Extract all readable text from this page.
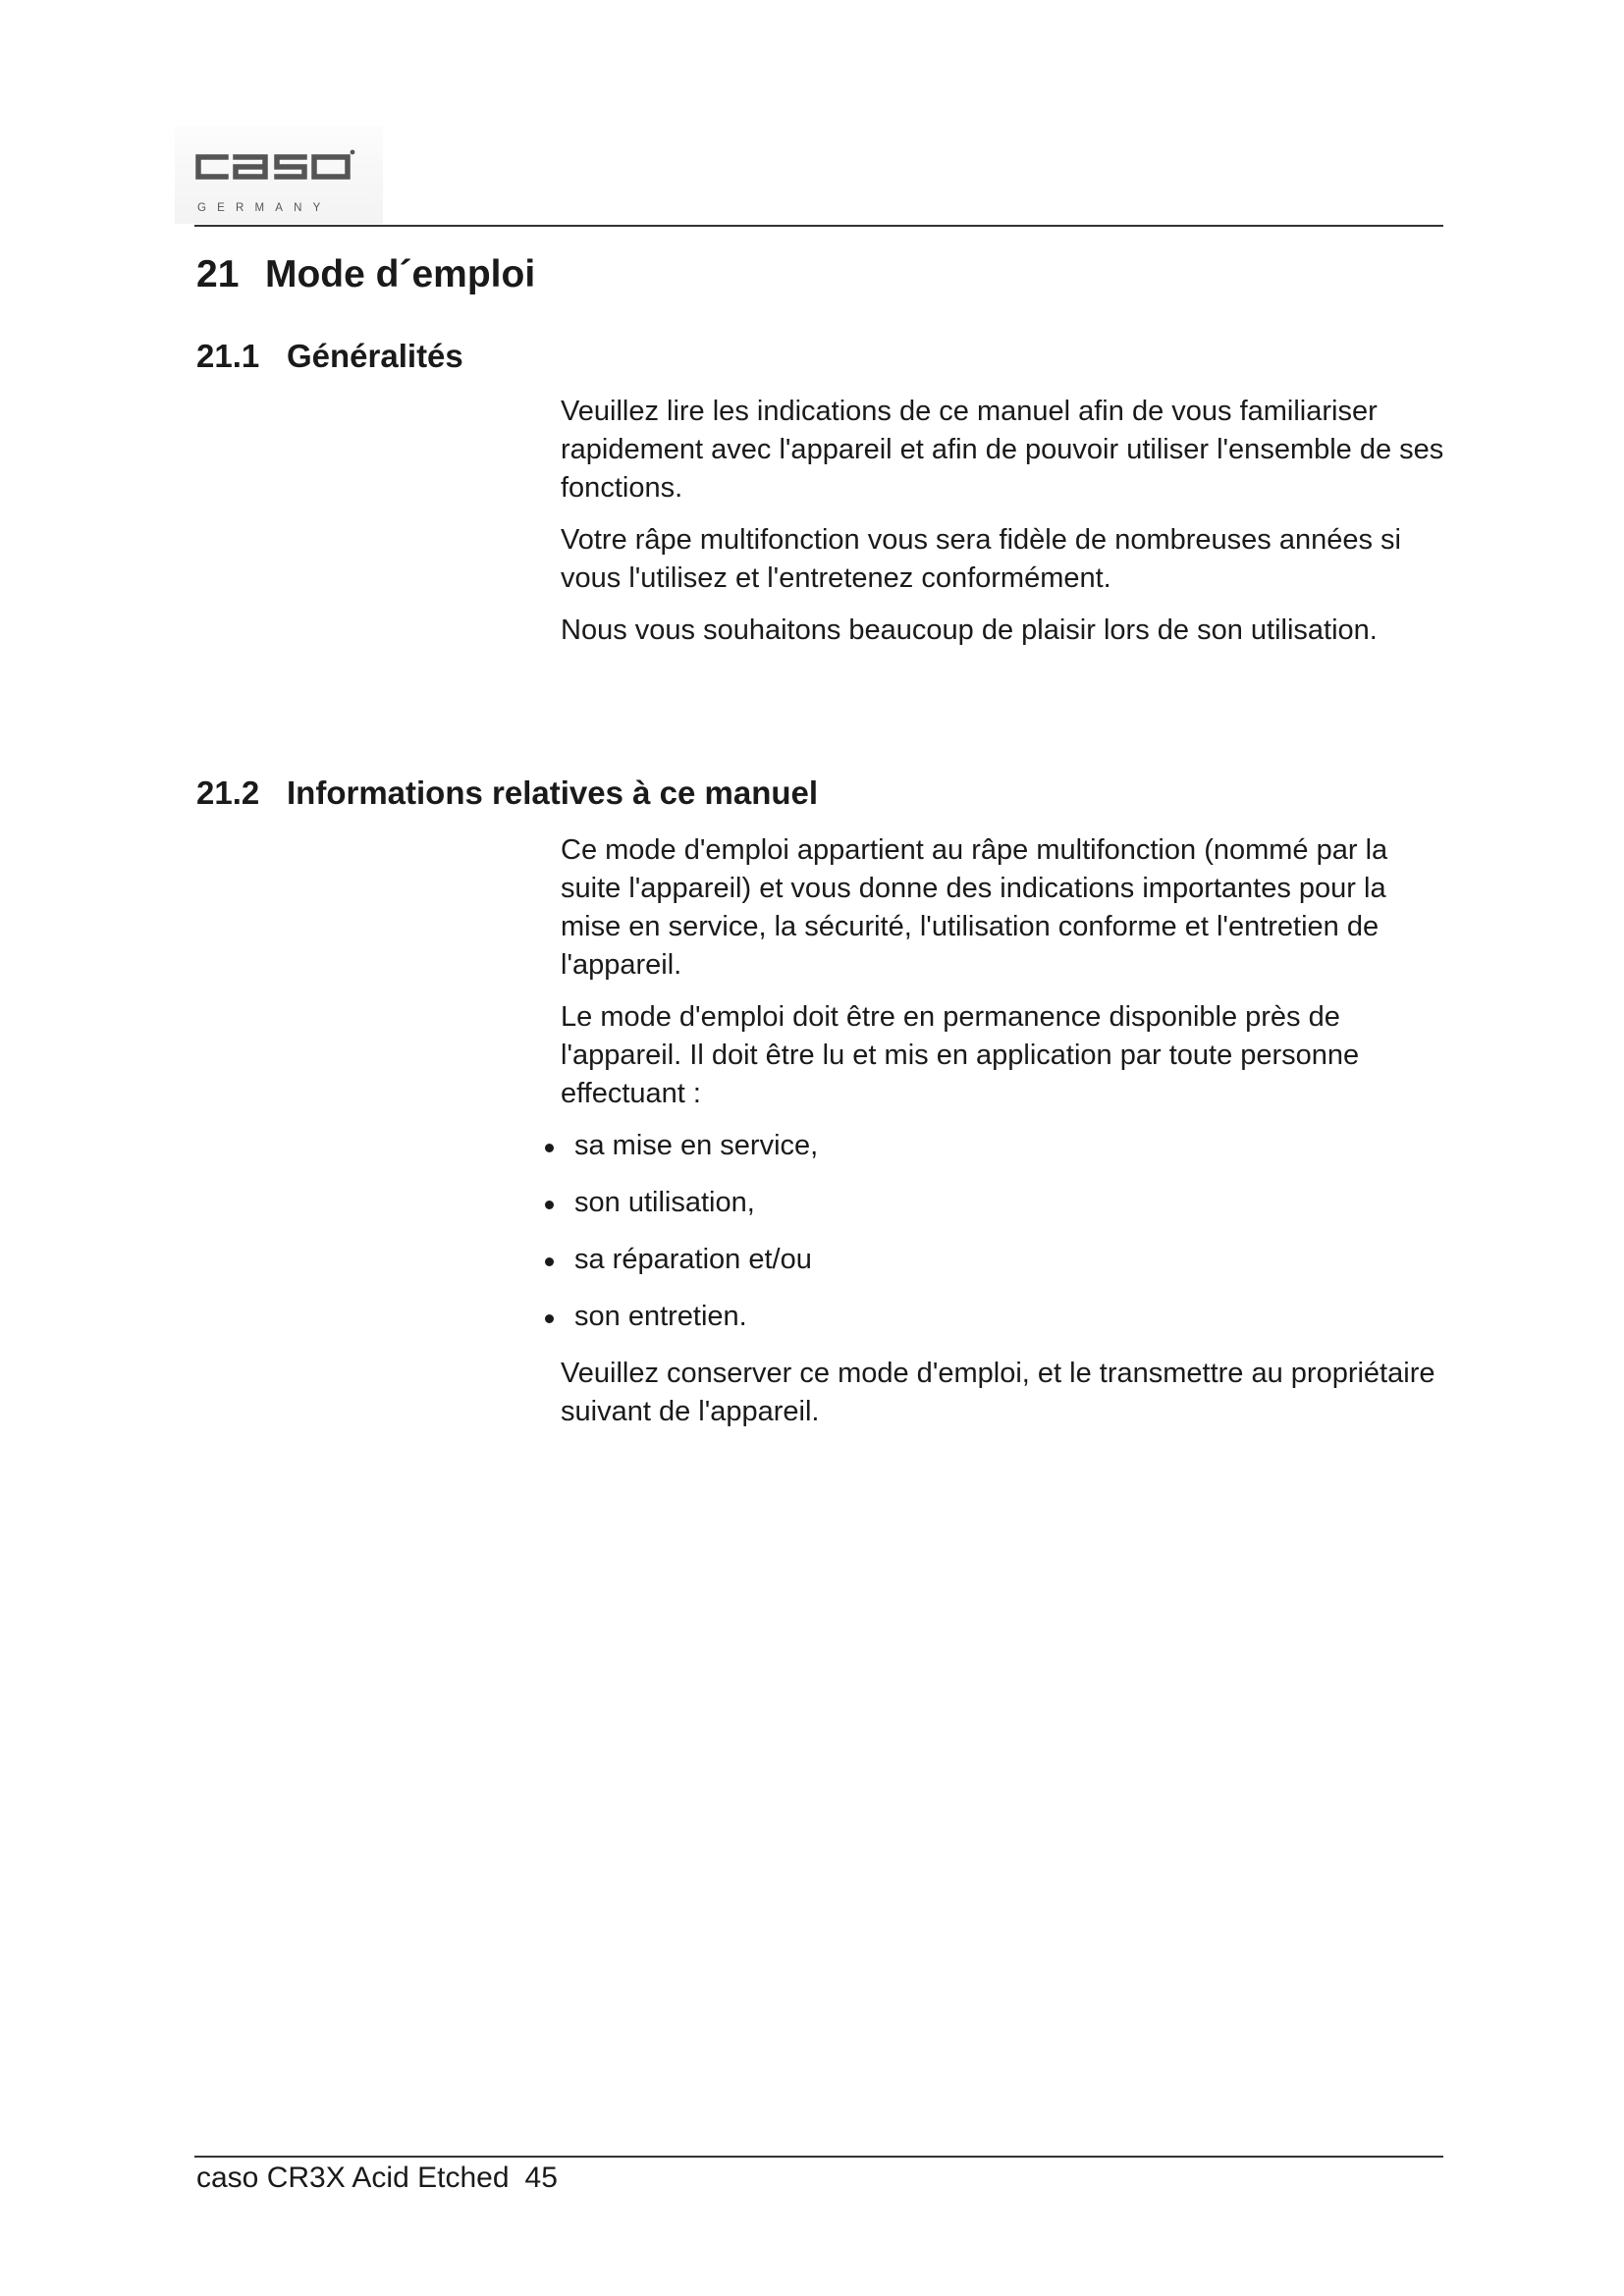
GERMANY
21 Mode d´emploi
21.1 Généralités

Veuillez lire les indications de ce manuel afin de vous familiariser rapidement avec l'appareil et afin de pouvoir utiliser l'ensemble de ses fonctions.

Votre râpe multifonction vous sera fidèle de nombreuses années si vous l'utilisez et l'entretenez conformément.

Nous vous souhaitons beaucoup de plaisir lors de son utilisation.

21.2 Informations relatives à ce manuel

Ce mode d'emploi appartient au râpe multifonction (nommé par la suite l'appareil) et vous donne des indications importantes pour la mise en service, la sécurité, l'utilisation conforme et l'entretien de l'appareil.

Le mode d'emploi doit être en permanence disponible près de l'appareil. Il doit être lu et mis en application par toute personne effectuant :

sa mise en service,
son utilisation,
sa réparation et/ou
son entretien.

Veuillez conserver ce mode d'emploi, et le transmettre au propriétaire suivant de l'appareil.

caso CR3X Acid Etched 45
